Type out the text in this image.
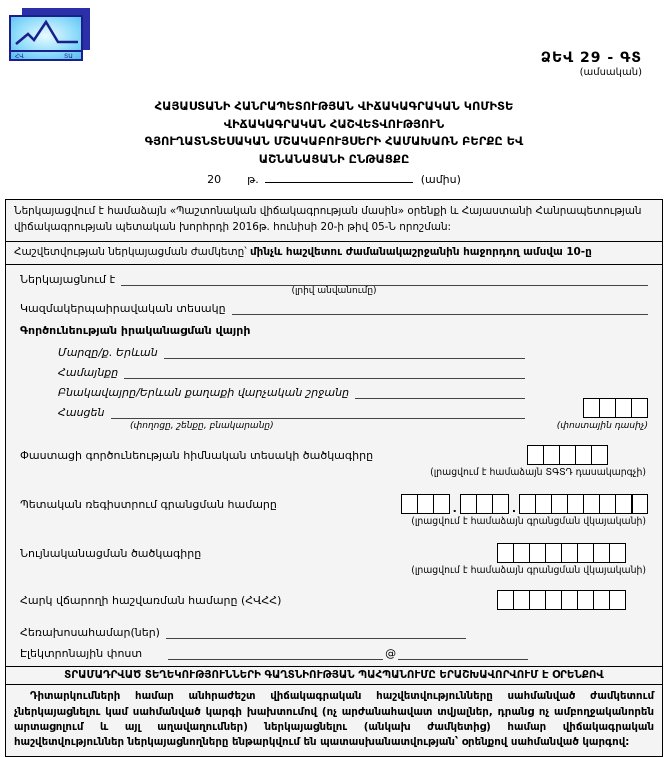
ՀՎ	ՏԱ	ՁԵՎ 29 - ԳՏ
(ամսական)
ՀԱՅԱՍՏԱՆԻ ՀԱՆՐԱՊԵՏՈՒԹՅԱՆ ՎԻՃԱԿԱԳՐԱԿԱՆ ԿՈՄԻՏԵ
ՎԻՃԱԿԱԳՐԱԿԱՆ ՀԱՇՎԵՏՎՈՒԹՅՈՒՆ
ԳՅՈՒՂԱՏՆՏԵՍԱԿԱՆ ՄՇԱԿԱԲՈՒՅՍԵՐԻ ՀԱՄԱԽԱՌՆ ԲԵՐՔԸ ԵՎ
ԱՇՆԱՆԱՑԱՆԻ ԸՆԹԱՑՔԸ
20 թ.	(ամիս)
Ներկայացվում է համաձայն «Պաշտոնական վիճակագրության մասին» օրենքի և Հայաստանի Հանրապետության վիճակագրության պետական խորհրդի 2016թ. հունիսի 20-ի թիվ 05-Ն որոշման:
Հաշվետվության ներկայացման ժամկետը՝ մինչև հաշվետու ժամանակաշրջանին հաջորդող ամսվա 10-ը
Ներկայացնում է
(լրիվ անվանումը)
Կազմակերպաիրավական տեսակը
Գործունեության իրականացման վայրի
Մարզը/ք. Երևան
Համայնքը
Բնակավայրը/Երևան քաղաքի վարչական շրջանը
Հասցեն
(փողոցը, շենքը, բնակարանը)	(փոստային դասիչ)
Փաստացի գործունեության հիմնական տեսակի ծածկագիրը
(լրացվում է համաձայն ՏԳՏԴ դասակարգչի)
Պետական ռեգիստրում գրանցման համարը	.	.
(լրացվում է համաձայն գրանցման վկայականի)
Նույնականացման ծածկագիրը
(լրացվում է համաձայն գրանցման վկայականի)
Հարկ վճարողի հաշվառման համարը (ՀՎՀՀ)
Հեռախոսահամար(ներ)
Էլեկտրոնային փոստ	@
ՏՐԱՄԱԴՐՎԱԾ ՏԵՂԵԿՈՒԹՅՈՒՆՆԵՐԻ ԳԱՂՏՆԻՈՒԹՅԱՆ ՊԱՀՊԱՆՈՒՄԸ ԵՐԱՇԽԱՎՈՐՎՈՒՄ Է ՕՐԵՆՔՈՎ

Դիտարկումների համար անհրաժեշտ վիճակագրական հաշվետվությունները սահմանված ժամկետում չներկայացնելու կամ սահմանված կարգի խախտումով (ոչ արժանահավատ տվյալներ, դրանց ոչ ամբողջականորեն արտացոլում և այլ աղավաղումներ) ներկայացնելու (անկախ ժամկետից) համար վիճակագրական հաշվետվություններ ներկայացնողները ենթարկվում են պատասխանատվության՝ օրենքով սահմանված կարգով:
